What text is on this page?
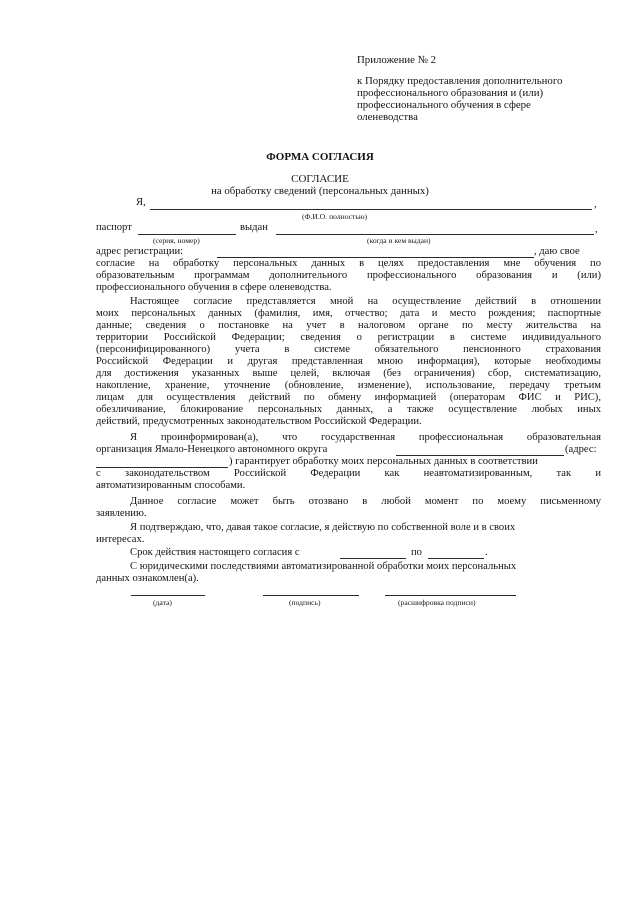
Приложение № 2
к Порядку предоставления дополнительного
профессионального образования и (или)
профессионального обучения в сфере
оленеводства
ФОРМА СОГЛАСИЯ
СОГЛАСИЕ
на обработку сведений (персональных данных)
Я,	,
(Ф.И.О. полностью)
паспорт	выдан	,
(серия, номер)	(когда и кем выдан)
адрес регистрации:	, даю свое
согласие на обработку персональных данных в целях предоставления мне обучения по
образовательным программам дополнительного профессионального образования и (или)
профессионального обучения в сфере оленеводства.
Настоящее согласие представляется мной на осуществление действий в отношении
моих персональных данных (фамилия, имя, отчество; дата и место рождения; паспортные
данные; сведения о постановке на учет в налоговом органе по месту жительства на
территории Российской Федерации; сведения о регистрации в системе индивидуального
(персонифицированного) учета в системе обязательного пенсионного страхования
Российской Федерации и другая представленная мною информация), которые необходимы
для достижения указанных выше целей, включая (без ограничения) сбор, систематизацию,
накопление, хранение, уточнение (обновление, изменение), использование, передачу третьим
лицам для осуществления действий по обмену информацией (операторам ФИС и РИС),
обезличивание, блокирование персональных данных, а также осуществление любых иных
действий, предусмотренных законодательством Российской Федерации.
Я проинформирован(а), что государственная профессиональная образовательная
организация Ямало-Ненецкого автономного округа	(адрес:
) гарантирует обработку моих персональных данных в соответствии
с законодательством Российской Федерации как неавтоматизированным, так и
автоматизированным способами.
Данное согласие может быть отозвано в любой момент по моему письменному
заявлению.
Я подтверждаю, что, давая такое согласие, я действую по собственной воле и в своих
интересах.
Срок действия настоящего согласия с	по	.
С юридическими последствиями автоматизированной обработки моих персональных
данных ознакомлен(а).
(дата)	(подпись)	(расшифровка подписи)
